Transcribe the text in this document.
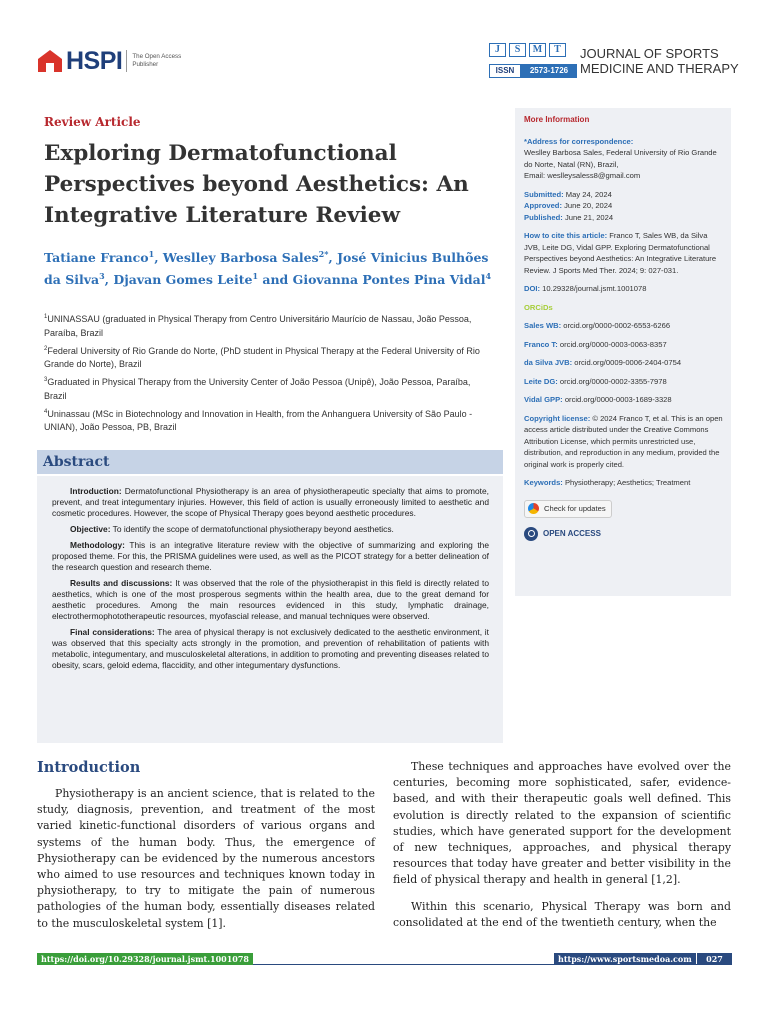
HSPI The Open Access Publisher
J	S	M	T
ISSN	2573-1726
JOURNAL OF SPORTS
MEDICINE AND THERAPY
Review Article
Exploring Dermatofunctional Perspectives beyond Aesthetics: An Integrative Literature Review
Tatiane Franco$^1$, Weslley Barbosa Sales$^{2*}$, José Vinicius Bulhões da Silva$^3$, Djavan Gomes Leite$^1$ and Giovanna Pontes Pina Vidal$^4$
$^1$UNINASSAU (graduated in Physical Therapy from Centro Universitário Maurício de Nassau, João Pessoa, Paraíba, Brazil
$^2$Federal University of Rio Grande do Norte, (PhD student in Physical Therapy at the Federal University of Rio Grande do Norte), Brazil
$^3$Graduated in Physical Therapy from the University Center of João Pessoa (Unipê), João Pessoa, Paraíba, Brazil
$^4$Uninassau (MSc in Biotechnology and Innovation in Health, from the Anhanguera University of São Paulo - UNIAN), João Pessoa, PB, Brazil
Abstract

Introduction: Dermatofunctional Physiotherapy is an area of physiotherapeutic specialty that aims to promote, prevent, and treat integumentary injuries. However, this field of action is usually erroneously limited to aesthetic and cosmetic procedures. However, the scope of Physical Therapy goes beyond aesthetic procedures.

Objective: To identify the scope of dermatofunctional physiotherapy beyond aesthetics.

Methodology: This is an integrative literature review with the objective of summarizing and exploring the proposed theme. For this, the PRISMA guidelines were used, as well as the PICOT strategy for a better delineation of the research question and research theme.

Results and discussions: It was observed that the role of the physiotherapist in this field is directly related to aesthetics, which is one of the most prosperous segments within the health area, due to the great demand for aesthetic procedures. Among the main resources evidenced in this study, lymphatic drainage, electrothermophototherapeutic resources, myofascial release, and manual techniques were observed.

Final considerations: The area of physical therapy is not exclusively dedicated to the aesthetic environment, it was observed that this specialty acts strongly in the promotion, and prevention of rehabilitation of patients with metabolic, integumentary, and musculoskeletal alterations, in addition to promoting and preventing diseases related to obesity, scars, geloid edema, flaccidity, and other integumentary dysfunctions.

More Information
*Address for correspondence:
Weslley Barbosa Sales, Federal University of Rio Grande do Norte, Natal (RN), Brazil,
Email: weslleysaless8@gmail.com
Submitted: May 24, 2024
Approved: June 20, 2024
Published: June 21, 2024
How to cite this article: Franco T, Sales WB, da Silva JVB, Leite DG, Vidal GPP. Exploring Dermatofunctional Perspectives beyond Aesthetics: An Integrative Literature Review. J Sports Med Ther. 2024; 9: 027-031.
DOI: 10.29328/journal.jsmt.1001078
ORCiDs
Sales WB: orcid.org/0000-0002-6553-6266
Franco T: orcid.org/0000-0003-0063-8357
da Silva JVB: orcid.org/0009-0006-2404-0754
Leite DG: orcid.org/0000-0002-3355-7978
Vidal GPP: orcid.org/0000-0003-1689-3328
Copyright license: © 2024 Franco T, et al. This is an open access article distributed under the Creative Commons Attribution License, which permits unrestricted use, distribution, and reproduction in any medium, provided the original work is properly cited.
Keywords: Physiotherapy; Aesthetics; Treatment
Check for updates
OPEN ACCESS
Introduction

Physiotherapy is an ancient science, that is related to the study, diagnosis, prevention, and treatment of the most varied kinetic-functional disorders of various organs and systems of the human body. Thus, the emergence of Physiotherapy can be evidenced by the numerous ancestors who aimed to use resources and techniques known today in physiotherapy, to try to mitigate the pain of numerous pathologies of the human body, essentially diseases related to the musculoskeletal system [1].

These techniques and approaches have evolved over the centuries, becoming more sophisticated, safer, evidence-based, and with their therapeutic goals well defined. This evolution is directly related to the expansion of scientific studies, which have generated support for the development of new techniques, approaches, and physical therapy resources that today have greater and better visibility in the field of physical therapy and health in general [1,2].

Within this scenario, Physical Therapy was born and consolidated at the end of the twentieth century, when the

https://doi.org/10.29328/journal.jsmt.1001078	https://www.sportsmedoa.com	027
